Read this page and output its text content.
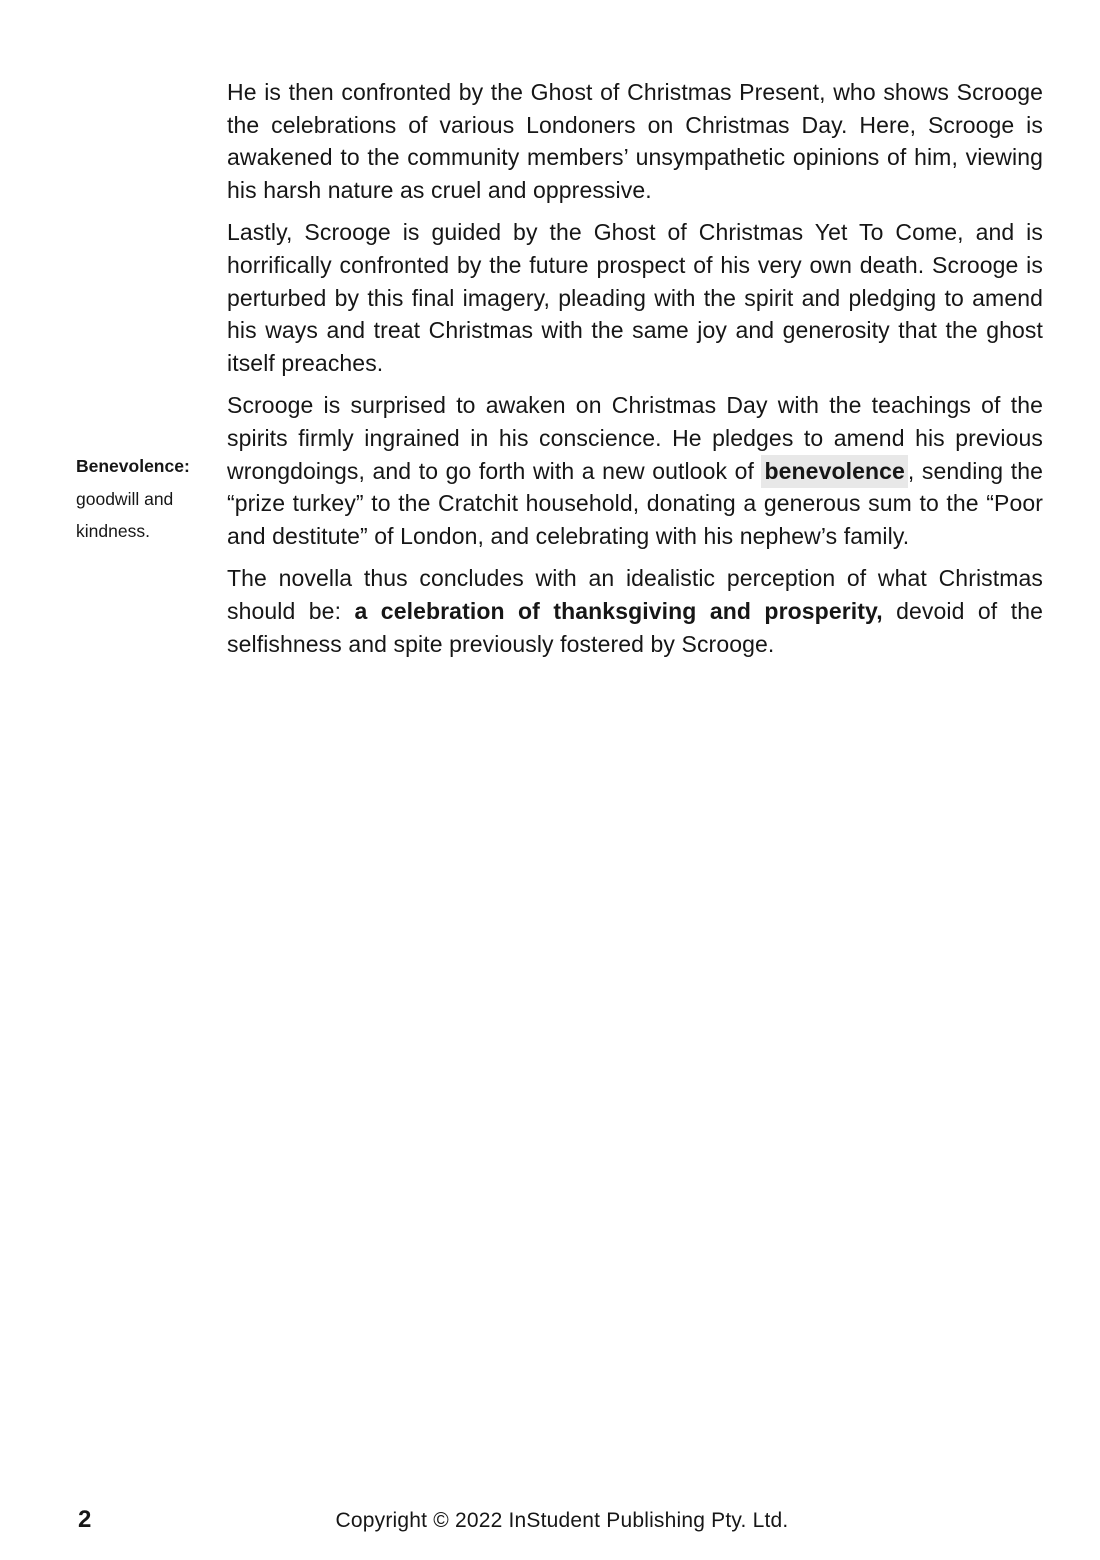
Benevolence:
goodwill and
kindness.

He is then confronted by the Ghost of Christmas Present, who shows Scrooge the celebrations of various Londoners on Christmas Day. Here, Scrooge is awakened to the community members’ unsympathetic opinions of him, viewing his harsh nature as cruel and oppressive.

Lastly, Scrooge is guided by the Ghost of Christmas Yet To Come, and is horrifically confronted by the future prospect of his very own death. Scrooge is perturbed by this final imagery, pleading with the spirit and pledging to amend his ways and treat Christmas with the same joy and generosity that the ghost itself preaches.

Scrooge is surprised to awaken on Christmas Day with the teachings of the spirits firmly ingrained in his conscience. He pledges to amend his previous wrongdoings, and to go forth with a new outlook of benevolence , sending the “prize turkey” to the Cratchit household, donating a generous sum to the “Poor and destitute” of London, and celebrating with his nephew’s family.

The novella thus concludes with an idealistic perception of what Christmas should be: a celebration of thanksgiving and prosperity, devoid of the selfishness and spite previously fostered by Scrooge.

2	Copyright © 2022 InStudent Publishing Pty. Ltd.
